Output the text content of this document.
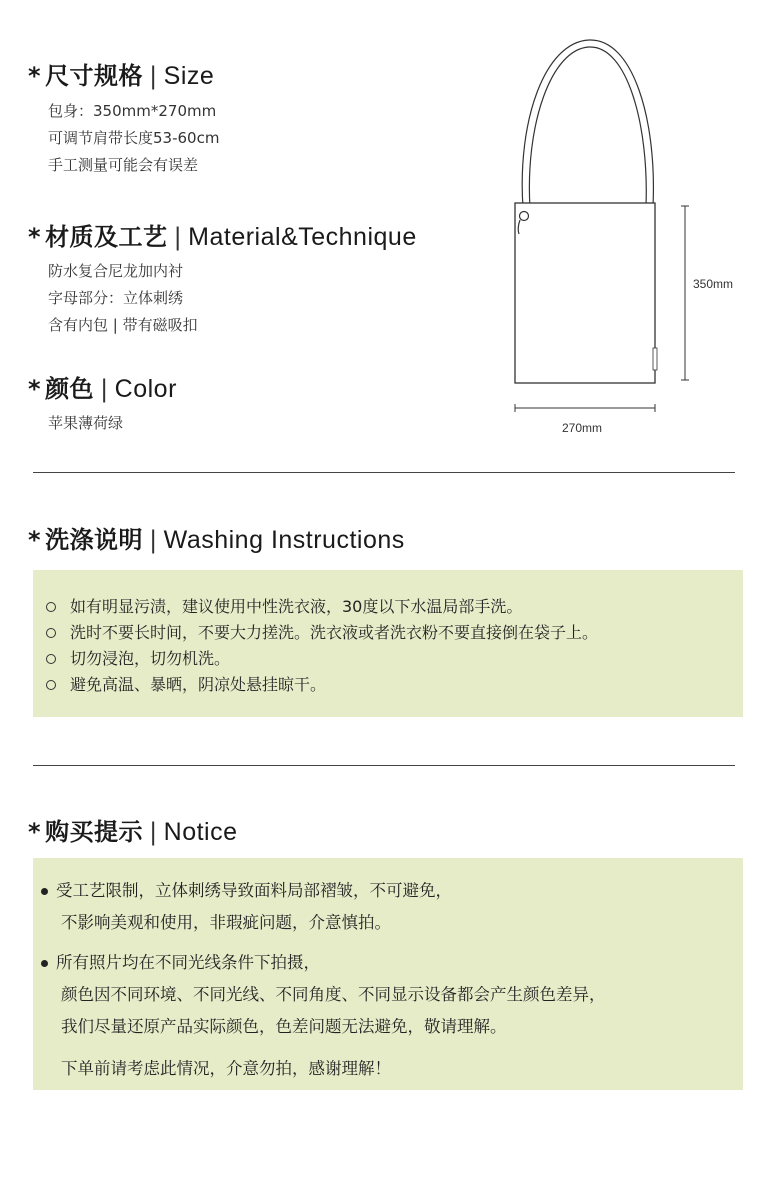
* 尺寸规格 | Size
包身：350mm*270mm
可调节肩带长度53-60cm
手工测量可能会有误差
* 材质及工艺 | Material&Technique
防水复合尼龙加内衬
字母部分：立体刺绣
含有内包 | 带有磁吸扣
* 颜色 | Color
苹果薄荷绿
350mm
270mm
* 洗涤说明 | Washing Instructions
如有明显污渍，建议使用中性洗衣液，30度以下水温局部手洗。
洗时不要长时间，不要大力搓洗。洗衣液或者洗衣粉不要直接倒在袋子上。
切勿浸泡，切勿机洗。
避免高温、暴晒，阴凉处悬挂晾干。
* 购买提示 | Notice
受工艺限制，立体刺绣导致面料局部褶皱，不可避免，
不影响美观和使用，非瑕疵问题，介意慎拍。
所有照片均在不同光线条件下拍摄，
颜色因不同环境、不同光线、不同角度、不同显示设备都会产生颜色差异，
我们尽量还原产品实际颜色，色差问题无法避免，敬请理解。
下单前请考虑此情况，介意勿拍，感谢理解！
